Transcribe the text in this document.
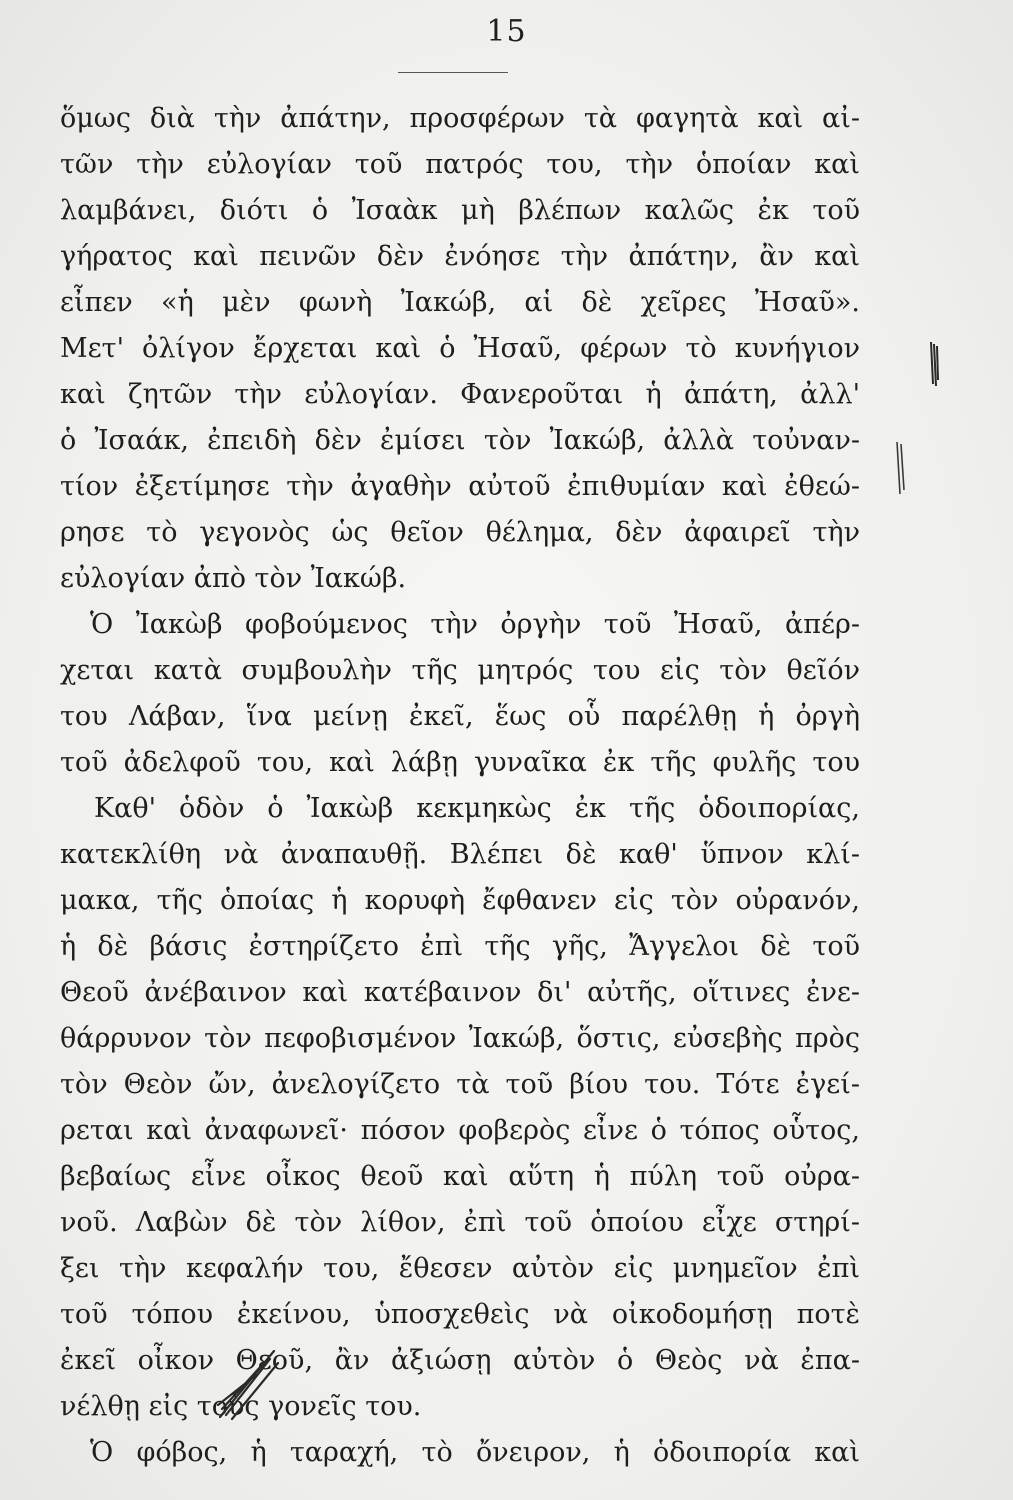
15
ὅμως διὰ τὴν ἀπάτην, προσφέρων τὰ φαγητὰ καὶ αἰ-
τῶν τὴν εὐλογίαν τοῦ πατρός του, τὴν ὁποίαν καὶ
λαμβάνει, διότι ὁ Ἰσαὰκ μὴ βλέπων καλῶς ἐκ τοῦ
γήρατος καὶ πεινῶν δὲν ἐνόησε τὴν ἀπάτην, ἂν καὶ
εἶπεν «ἡ μὲν φωνὴ Ἰακώβ, αἱ δὲ χεῖρες Ἠσαῦ».
Μετ' ὀλίγον ἔρχεται καὶ ὁ Ἠσαῦ, φέρων τὸ κυνήγιον
καὶ ζητῶν τὴν εὐλογίαν. Φανεροῦται ἡ ἀπάτη, ἀλλ'
ὁ Ἰσαάκ, ἐπειδὴ δὲν ἐμίσει τὸν Ἰακώβ, ἀλλὰ τοὐναν-
τίον ἐξετίμησε τὴν ἀγαθὴν αὐτοῦ ἐπιθυμίαν καὶ ἐθεώ-
ρησε τὸ γεγονὸς ὡς θεῖον θέλημα, δὲν ἀφαιρεῖ τὴν
εὐλογίαν ἀπὸ τὸν Ἰακώβ.
Ὁ Ἰακὼβ φοβούμενος τὴν ὀργὴν τοῦ Ἠσαῦ, ἀπέρ-
χεται κατὰ συμβουλὴν τῆς μητρός του εἰς τὸν θεῖόν
του Λάβαν, ἵνα μείνῃ ἐκεῖ, ἕως οὗ παρέλθῃ ἡ ὀργὴ
τοῦ ἀδελφοῦ του, καὶ λάβῃ γυναῖκα ἐκ τῆς φυλῆς του
Καθ' ὁδὸν ὁ Ἰακὼβ κεκμηκὼς ἐκ τῆς ὁδοιπορίας,
κατεκλίθη νὰ ἀναπαυθῇ. Βλέπει δὲ καθ' ὕπνον κλί-
μακα, τῆς ὁποίας ἡ κορυφὴ ἔφθανεν εἰς τὸν οὐρανόν,
ἡ δὲ βάσις ἐστηρίζετο ἐπὶ τῆς γῆς, Ἄγγελοι δὲ τοῦ
Θεοῦ ἀνέβαινον καὶ κατέβαινον δι' αὐτῆς, οἵτινες ἐνε-
θάρρυνον τὸν πεφοβισμένον Ἰακώβ, ὅστις, εὐσεβὴς πρὸς
τὸν Θεὸν ὤν, ἀνελογίζετο τὰ τοῦ βίου του. Τότε ἐγεί-
ρεται καὶ ἀναφωνεῖ· πόσον φοβερὸς εἶνε ὁ τόπος οὗτος,
βεβαίως εἶνε οἶκος θεοῦ καὶ αὕτη ἡ πύλη τοῦ οὐρα-
νοῦ. Λαβὼν δὲ τὸν λίθον, ἐπὶ τοῦ ὁποίου εἶχε στηρί-
ξει τὴν κεφαλήν του, ἔθεσεν αὐτὸν εἰς μνημεῖον ἐπὶ
τοῦ τόπου ἐκείνου, ὑποσχεθεὶς νὰ οἰκοδομήσῃ ποτὲ
ἐκεῖ οἶκον Θεοῦ, ἂν ἀξιώσῃ αὐτὸν ὁ Θεὸς νὰ ἐπα-
νέλθῃ εἰς τοὺς γονεῖς του.
Ὁ φόβος, ἡ ταραχή, τὸ ὄνειρον, ἡ ὁδοιπορία καὶ
